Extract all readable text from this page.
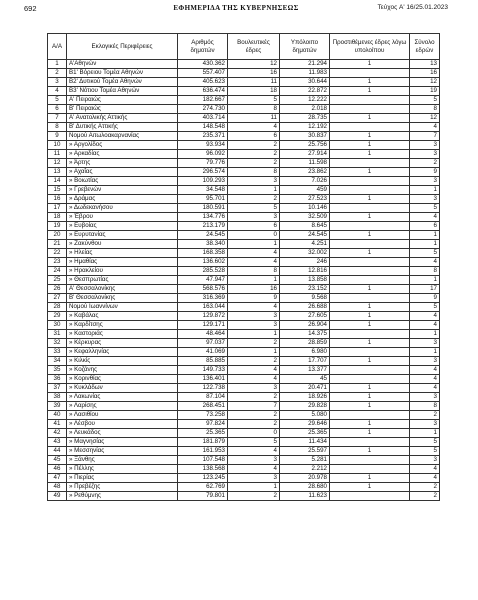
692	ΕΦΗΜΕΡΙΔΑ ΤΗΣ ΚΥΒΕΡΝΗΣΕΩΣ	Τεύχος A' 16/25.01.2023
Α/Α	Εκλογικές Περιφέρειες	Αριθμός δημοτών	Βουλευτικές έδρες	Υπόλοιπο δημοτών	Προστιθέμενες έδρες λόγω υπολοίπου	Σύνολο εδρών
1	Α'Αθηνών	430.362	12	21.294	1	13
2	Β1' Βόρειου Τομέα Αθηνών	557.407	16	11.983		16
3	Β2' Δυτικού Τομέα Αθηνών	405.623	11	30.644	1	12
4	Β3' Νότιου Τομέα Αθηνών	636.474	18	22.872	1	19
5	Α' Πειραιώς	182.667	5	12.222		5
6	Β' Πειραιώς	274.730	8	2.018		8
7	Α' Ανατολικής Αττικής	403.714	11	28.735	1	12
8	Β' Δυτικής Αττικής	148.548	4	12.192		4
9	Νομού Αιτωλοακαρνανίας	235.371	6	30.837	1	7
10	» Αργολίδος	93.934	2	25.756	1	3
11	» Αρκαδίας	96.092	2	27.914	1	3
12	» Άρτης	79.776	2	11.598		2
13	» Αχαΐας	296.574	8	23.862	1	9
14	» Βοιωτίας	109.293	3	7.026		3
15	» Γρεβενών	34.548	1	459		1
16	» Δράμας	95.701	2	27.523	1	3
17	» Δωδεκανήσου	180.591	5	10.146		5
18	» Έβρου	134.776	3	32.509	1	4
19	» Ευβοίας	213.179	6	8.645		6
20	» Ευρυτανίας	24.545	0	24.545	1	1
21	» Ζακύνθου	38.340	1	4.251		1
22	» Ηλείας	168.358	4	32.002	1	5
23	» Ημαθίας	136.602	4	246		4
24	» Ηρακλείου	285.528	8	12.816		8
25	» Θεσπρωτίας	47.947	1	13.858		1
26	Α' Θεσσαλονίκης	568.576	16	23.152	1	17
27	Β' Θεσσαλονίκης	316.369	9	9.568		9
28	Νομού Ιωαννίνων	163.044	4	26.688	1	5
29	» Καβάλας	129.872	3	27.605	1	4
30	» Καρδίτσης	129.171	3	26.904	1	4
31	» Καστοριάς	48.464	1	14.375		1
32	» Κέρκυρας	97.037	2	28.859	1	3
33	» Κεφαλληνίας	41.069	1	6.980		1
34	» Κιλκίς	85.885	2	17.707	1	3
35	» Κοζάνης	149.733	4	13.377		4
36	» Κορινθίας	136.401	4	45		4
37	» Κυκλάδων	122.738	3	20.471	1	4
38	» Λακωνίας	87.104	2	18.926	1	3
39	» Λαρίσης	268.451	7	29.828	1	8
40	» Λασιθίου	73.258	2	5.080		2
41	» Λέσβου	97.824	2	29.646	1	3
42	» Λευκάδος	25.365	0	25.365	1	1
43	» Μαγνησίας	181.879	5	11.434		5
44	» Μεσσηνίας	161.953	4	25.597	1	5
45	» Ξάνθης	107.548	3	5.281		3
46	» Πέλλης	138.568	4	2.212		4
47	» Πιερίας	123.245	3	20.978	1	4
48	» Πρεβέζης	62.769	1	28.680	1	2
49	» Ρεθύμνης	79.801	2	11.623		2
